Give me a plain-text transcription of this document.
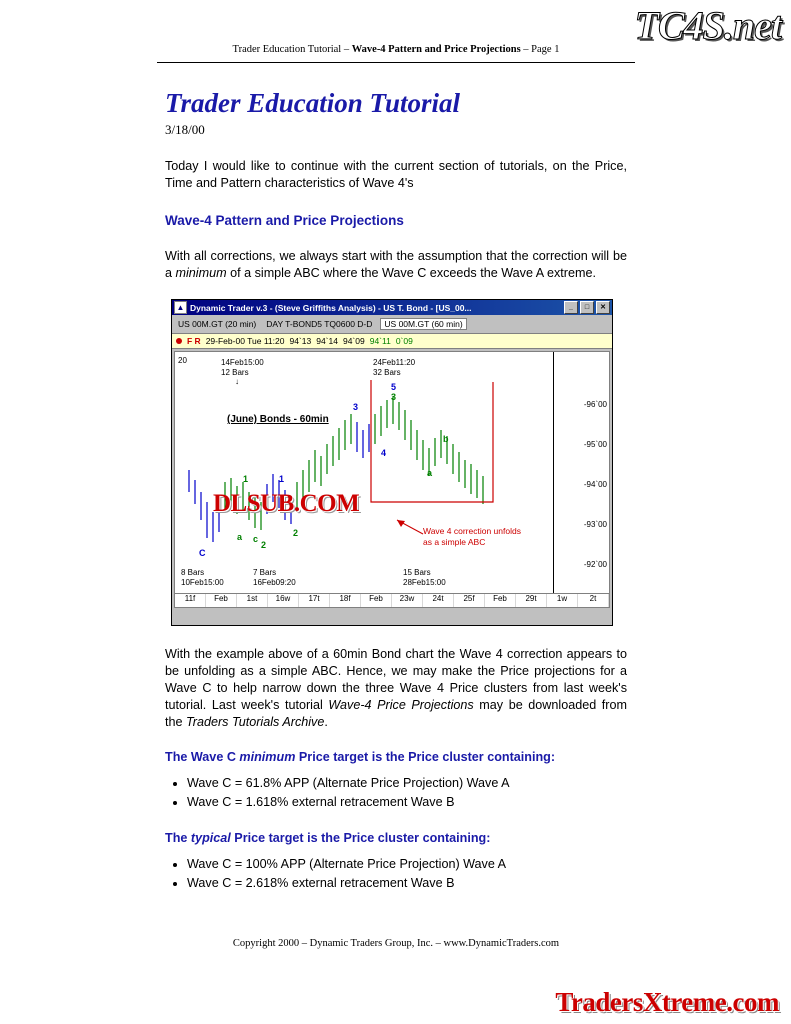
TC4S.net
TradersXtreme.com
Trader Education Tutorial – Wave-4 Pattern and Price Projections – Page 1
Trader Education Tutorial

3/18/00

Today I would like to continue with the current section of tutorials, on the Price, Time and Pattern characteristics of Wave 4's

Wave-4 Pattern and Price Projections

With all corrections, we always start with the assumption that the correction will be a minimum of a simple ABC where the Wave C exceeds the Wave A extreme.

▲ Dynamic Trader v.3 - (Steve Griffiths Analysis) - US T. Bond - [US_00...	_	□	✕
US 00M.GT (20 min) DAY T-BOND5 TQ0600 D-D	US 00M.GT (60 min)
F R 29-Feb-00 Tue 11:20 94`13 94`14 94`09 94`11 0`09
20	14Feb15:00
12 Bars
↓
24Feb11:20
32 Bars
(June) Bonds - 60min
C
a c
1
2
1
2
3
5
3
4
b
a
DLSUB.COM
Wave 4 correction unfolds
as a simple ABC
-96`00
-95`00
-94`00
-93`00
-92`00
8 Bars
10Feb15:00
7 Bars
16Feb09:20
15 Bars
28Feb15:00
11f	Feb	1st	16w	17t	18f	Feb	23w	24t	25f	Feb	29t	1w	2t

With the example above of a 60min Bond chart the Wave 4 correction appears to be unfolding as a simple ABC. Hence, we may make the Price projections for a Wave C to help narrow down the three Wave 4 Price clusters from last week's tutorial. Last week's tutorial Wave-4 Price Projections may be downloaded from the Traders Tutorials Archive.

The Wave C minimum Price target is the Price cluster containing:

• Wave C = 61.8% APP (Alternate Price Projection) Wave A
• Wave C = 1.618% external retracement Wave B

The typical Price target is the Price cluster containing:

• Wave C = 100% APP (Alternate Price Projection) Wave A
• Wave C = 2.618% external retracement Wave B
Copyright 2000 – Dynamic Traders Group, Inc. – www.DynamicTraders.com
